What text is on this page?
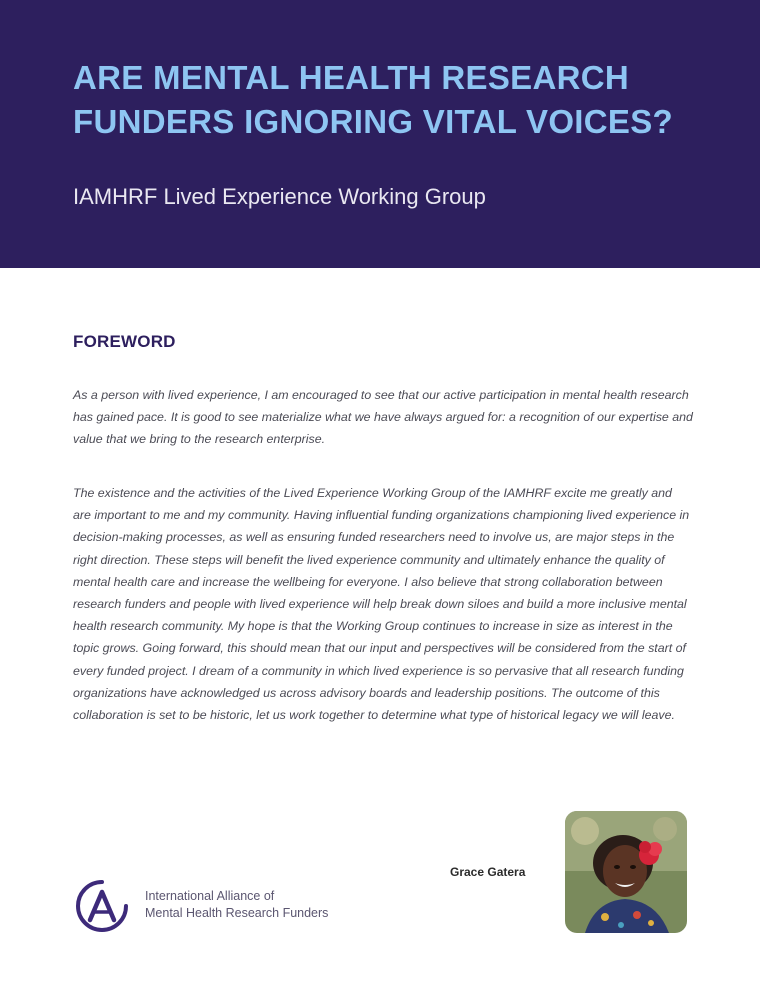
ARE MENTAL HEALTH RESEARCH FUNDERS IGNORING VITAL VOICES?
IAMHRF Lived Experience Working Group
FOREWORD

As a person with lived experience, I am encouraged to see that our active participation in mental health research has gained pace. It is good to see materialize what we have always argued for: a recognition of our expertise and value that we bring to the research enterprise.

The existence and the activities of the Lived Experience Working Group of the IAMHRF excite me greatly and are important to me and my community. Having influential funding organizations championing lived experience in decision-making processes, as well as ensuring funded researchers need to involve us, are major steps in the right direction. These steps will benefit the lived experience community and ultimately enhance the quality of mental health care and increase the wellbeing for everyone. I also believe that strong collaboration between research funders and people with lived experience will help break down siloes and build a more inclusive mental health research community. My hope is that the Working Group continues to increase in size as interest in the topic grows. Going forward, this should mean that our input and perspectives will be considered from the start of every funded project. I dream of a community in which lived experience is so pervasive that all research funding organizations have acknowledged us across advisory boards and leadership positions. The outcome of this collaboration is set to be historic, let us work together to determine what type of historical legacy we will leave.

Grace Gatera
International Alliance of
Mental Health Research Funders
